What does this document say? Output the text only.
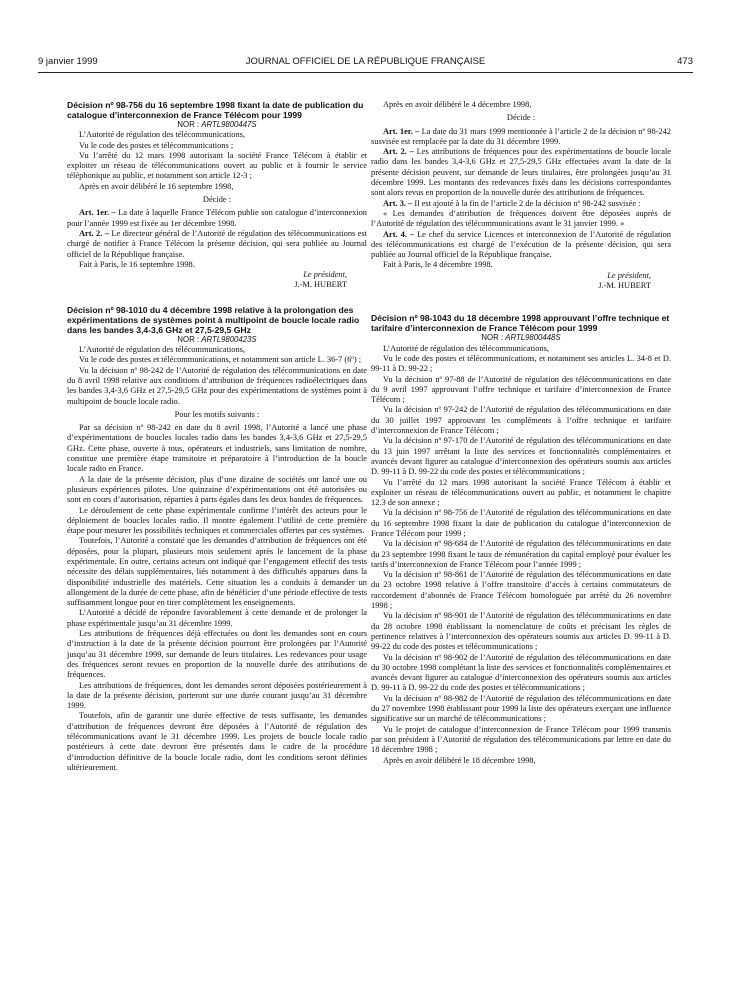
JOURNAL OFFICIEL DE LA RÉPUBLIQUE FRANÇAISE
9 janvier 1999	473

Décision nº 98-756 du 16 septembre 1998 fixant la date de publication du catalogue d’interconnexion de France Télécom pour 1999

NOR : ARTL9800447S

L’Autorité de régulation des télécommunications,

Vu le code des postes et télécommunications ;

Vu l’arrêté du 12 mars 1998 autorisant la société France Télécom à établir et exploiter un réseau de télécommunications ouvert au public et à fournir le service téléphonique au public, et notamment son article 12-3 ;

Après en avoir délibéré le 16 septembre 1998,

Décide :

Art. 1er. – La date à laquelle France Télécom publie son catalogue d’interconnexion pour l’année 1999 est fixée au 1er décembre 1998.

Art. 2. – Le directeur général de l’Autorité de régulation des télécommunications est chargé de notifier à France Télécom la présente décision, qui sera publiée au Journal officiel de la République française.

Fait à Paris, le 16 septembre 1998.

Le président,

J.-M. HUBERT

Décision nº 98-1010 du 4 décembre 1998 relative à la prolongation des expérimentations de systèmes point à multipoint de boucle locale radio dans les bandes 3,4-3,6 GHz et 27,5-29,5 GHz

NOR : ARTL9800423S

L’Autorité de régulation des télécommunications,

Vu le code des postes et télécommunications, et notamment son article L. 36-7 (6º) ;

Vu la décision nº 98-242 de l’Autorité de régulation des télécommunications en date du 8 avril 1998 relative aux conditions d’attribution de fréquences radioélectriques dans les bandes 3,4-3,6 GHz et 27,5-29,5 GHz pour des expérimentations de systèmes point à multipoint de boucle locale radio.

Pour les motifs suivants :

Par sa décision nº 98-242 en date du 8 avril 1998, l’Autorité a lancé une phase d’expérimentations de boucles locales radio dans les bandes 3,4-3,6 GHz et 27,5-29,5 GHz. Cette phase, ouverte à tous, opérateurs et industriels, sans limitation de nombre, constitue une première étape transitoire et préparatoire à l’introduction de la boucle locale radio en France.

A la date de la présente décision, plus d’une dizaine de sociétés ont lancé une ou plusieurs expériences pilotes. Une quinzaine d’expérimentations ont été autorisées ou sont en cours d’autorisation, réparties à parts égales dans les deux bandes de fréquences.

Le déroulement de cette phase expérimentale confirme l’intérêt des acteurs pour le déploiement de boucles locales radio. Il montre également l’utilité de cette première étape pour mesurer les possibilités techniques et commerciales offertes par ces systèmes.

Toutefois, l’Autorité a constaté que les demandes d’attribution de fréquences ont été déposées, pour la plupart, plusieurs mois seulement après le lancement de la phase expérimentale. En outre, certains acteurs ont indiqué que l’engagement effectif des tests nécessite des délais supplémentaires, liés notamment à des difficultés apparues dans la disponibilité industrielle des matériels. Cette situation les a conduits à demander un allongement de la durée de cette phase, afin de bénéficier d’une période effective de tests suffisamment longue pour en tirer complètement les enseignements.

L’Autorité a décidé de répondre favorablement à cette demande et de prolonger la phase expérimentale jusqu’au 31 décembre 1999.

Les attributions de fréquences déjà effectuées ou dont les demandes sont en cours d’instruction à la date de la présente décision pourront être prolongées par l’Autorité jusqu’au 31 décembre 1999, sur demande de leurs titulaires. Les redevances pour usage des fréquences seront revues en proportion de la nouvelle durée des attributions de fréquences.

Les attributions de fréquences, dont les demandes seront déposées postérieurement à la date de la présente décision, porteront sur une durée courant jusqu’au 31 décembre 1999.

Toutefois, afin de garantir une durée effective de tests suffisante, les demandes d’attribution de fréquences devront être déposées à l’Autorité de régulation des télécommunications avant le 31 décembre 1999. Les projets de boucle locale radio postérieurs à cette date devront être présentés dans le cadre de la procédure d’introduction définitive de la boucle locale radio, dont les conditions seront définies ultérieurement.

Après en avoir délibéré le 4 décembre 1998,

Décide :

Art. 1er. – La date du 31 mars 1999 mentionnée à l’article 2 de la décision nº 98-242 susvisée est remplacée par la date du 31 décembre 1999.

Art. 2. – Les attributions de fréquences pour des expérimentations de boucle locale radio dans les bandes 3,4-3,6 GHz et 27,5-29,5 GHz effectuées avant la date de la présente décision peuvent, sur demande de leurs titulaires, être prolongées jusqu’au 31 décembre 1999. Les montants des redevances fixés dans les décisions correspondantes sont alors revus en proportion de la nouvelle durée des attributions de fréquences.

Art. 3. – Il est ajouté à la fin de l’article 2 de la décision nº 98-242 susvisée :

« Les demandes d’attribution de fréquences doivent être déposées auprès de l’Autorité de régulation des télécommunications avant le 31 janvier 1999. »

Art. 4. – Le chef du service Licences et interconnexion de l’Autorité de régulation des télécommunications est chargé de l’exécution de la présente décision, qui sera publiée au Journal officiel de la République française.

Fait à Paris, le 4 décembre 1998.

Le président,

J.-M. HUBERT

Décision nº 98-1043 du 18 décembre 1998 approuvant l’offre technique et tarifaire d’interconnexion de France Télécom pour 1999

NOR : ARTL9800448S

L’Autorité de régulation des télécommunications,

Vu le code des postes et télécommunications, et notamment ses articles L. 34-8 et D. 99-11 à D. 99-22 ;

Vu la décision nº 97-88 de l’Autorité de régulation des télécommunications en date du 9 avril 1997 approuvant l’offre technique et tarifaire d’interconnexion de France Télécom ;

Vu la décision nº 97-242 de l’Autorité de régulation des télécommunications en date du 30 juillet 1997 approuvant les compléments à l’offre technique et tarifaire d’interconnexion de France Télécom ;

Vu la décision nº 97-170 de l’Autorité de régulation des télécommunications en date du 13 juin 1997 arrêtant la liste des services et fonctionnalités complémentaires et avancés devant figurer au catalogue d’interconnexion des opérateurs soumis aux articles D. 99-11 à D. 99-22 du code des postes et télécommunications ;

Vu l’arrêté du 12 mars 1998 autorisant la société France Télécom à établir et exploiter un réseau de télécommunications ouvert au public, et notamment le chapitre 12.3 de son annexe ;

Vu la décision nº 98-756 de l’Autorité de régulation des télécommunications en date du 16 septembre 1998 fixant la date de publication du catalogue d’interconnexion de France Télécom pour 1999 ;

Vu la décision nº 98-684 de l’Autorité de régulation des télécommunications en date du 23 septembre 1998 fixant le taux de rémunération du capital employé pour évaluer les tarifs d’interconnexion de France Télécom pour l’année 1999 ;

Vu la décision nº 98-861 de l’Autorité de régulation des télécommunications en date du 23 octobre 1998 relative à l’offre transitoire d’accès à certains commutateurs de raccordement d’abonnés de France Télécom homologuée par arrêté du 26 novembre 1998 ;

Vu la décision nº 98-901 de l’Autorité de régulation des télécommunications en date du 28 octobre 1998 établissant la nomenclature de coûts et précisant les règles de pertinence relatives à l’interconnexion des opérateurs soumis aux articles D. 99-11 à D. 99-22 du code des postes et télécommunications ;

Vu la décision nº 98-902 de l’Autorité de régulation des télécommunications en date du 30 octobre 1998 complétant la liste des services et fonctionnalités complémentaires et avancés devant figurer au catalogue d’interconnexion des opérateurs soumis aux articles D. 99-11 à D. 99-22 du code des postes et télécommunications ;

Vu la décision nº 98-982 de l’Autorité de régulation des télécommunications en date du 27 novembre 1998 établissant pour 1999 la liste des opérateurs exerçant une influence significative sur un marché de télécommunications ;

Vu le projet de catalogue d’interconnexion de France Télécom pour 1999 transmis par son président à l’Autorité de régulation des télécommunications par lettre en date du 18 décembre 1998 ;

Après en avoir délibéré le 18 décembre 1998,
